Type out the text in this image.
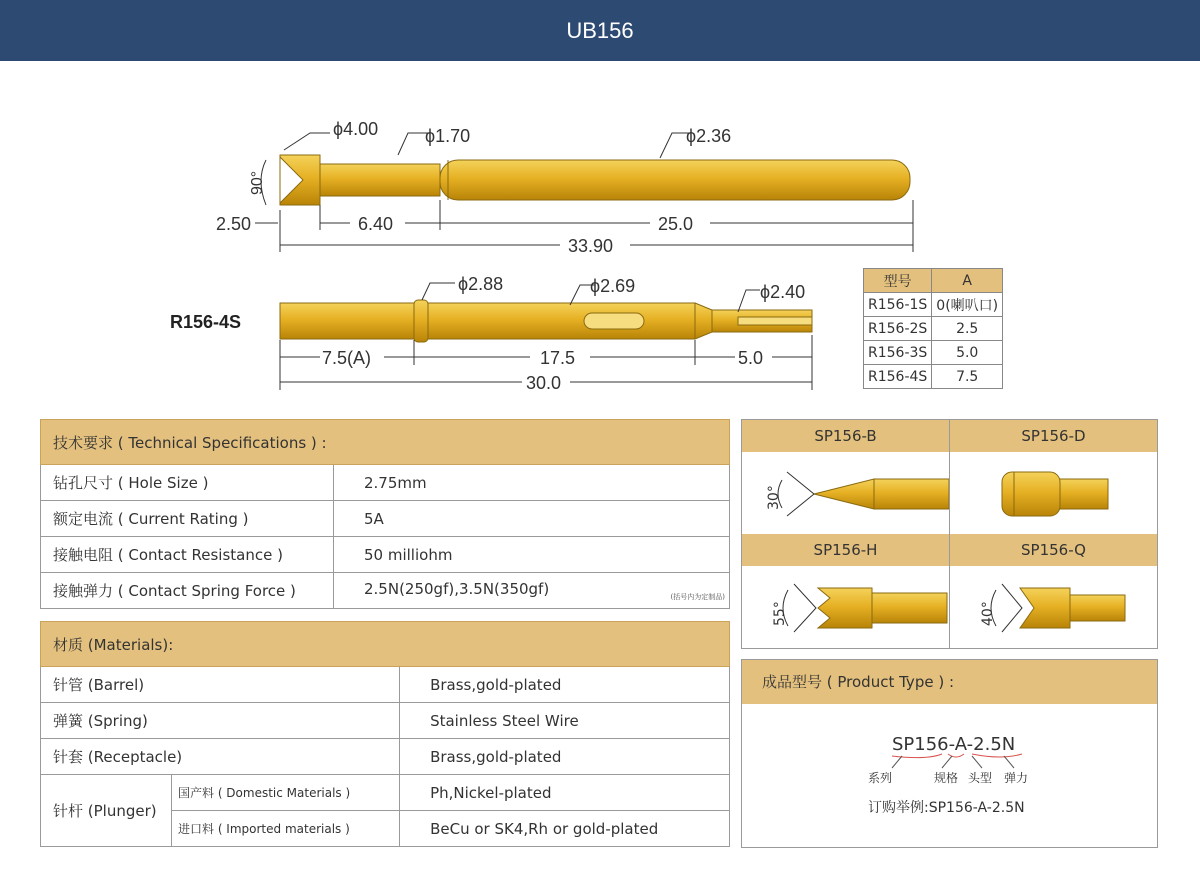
UB156
ϕ4.00	ϕ1.70	ϕ2.36
90°
2.50	6.40	25.0
33.90
R156-4S
ϕ2.88	ϕ2.69	ϕ2.40
7.5(A)	17.5	5.0
30.0
型号	A
R156-1S	0(喇叭口)
R156-2S	2.5
R156-3S	5.0
R156-4S	7.5
技术要求 ( Technical Specifications ) :	
钻孔尺寸 ( Hole Size )	2.75mm
额定电流 ( Current Rating )	5A
接触电阻 ( Contact Resistance )	50 milliohm
接触弹力 ( Contact Spring Force )	2.5N(250gf),3.5N(350gf) (括号内为定制品)
材质 (Materials):		
针管 (Barrel)		Brass,gold-plated
弹簧 (Spring)		Stainless Steel Wire
针套 (Receptacle)		Brass,gold-plated
针杆 (Plunger)	国产料 ( Domestic Materials )	Ph,Nickel-plated
	进口料 ( Imported materials )	BeCu or SK4,Rh or gold-plated
SP156-B
30°
SP156-D
SP156-H
55°
SP156-Q
40°
成品型号 ( Product Type ) :
SP156-A-2.5N
系列	规格 头型 弹力
订购举例:SP156-A-2.5N
